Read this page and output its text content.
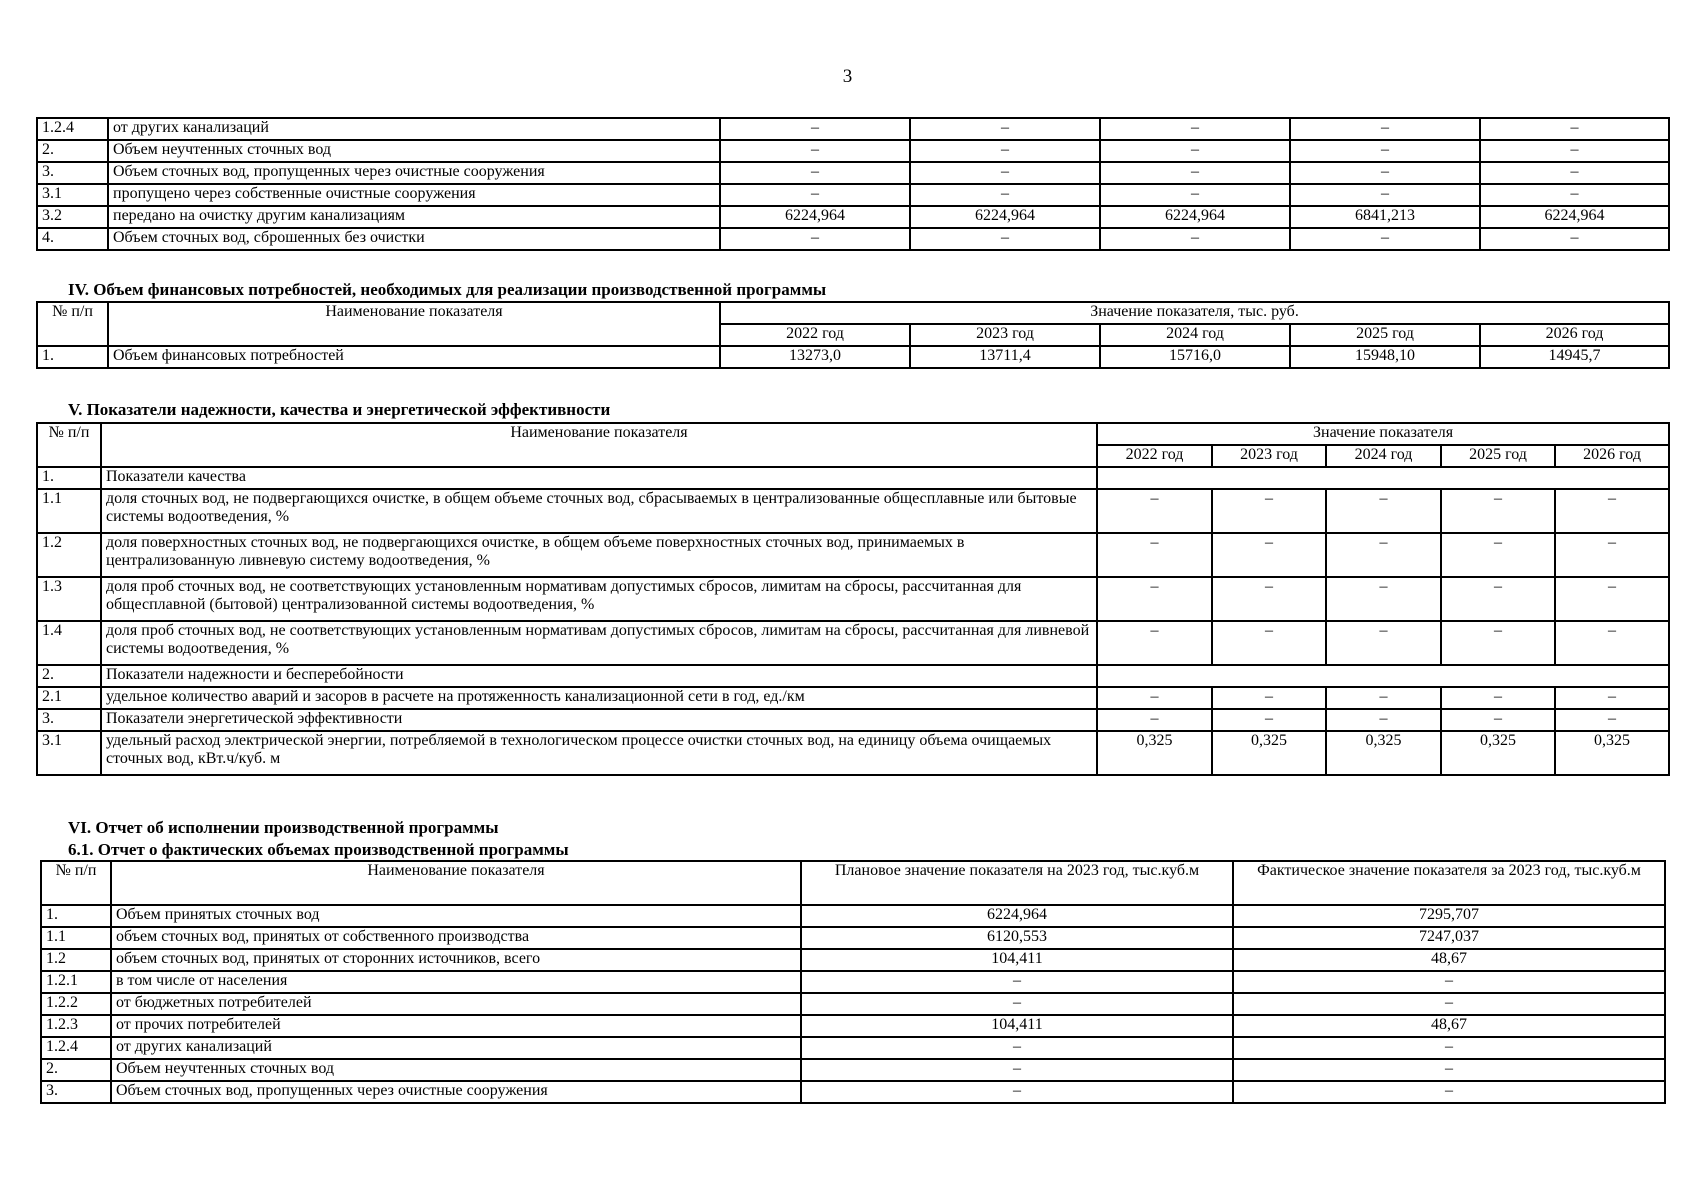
3
1.2.4	от других канализаций	–	–	–	–	–
2.	Объем неучтенных сточных вод	–	–	–	–	–
3.	Объем сточных вод, пропущенных через очистные сооружения	–	–	–	–	–
3.1	пропущено через собственные очистные сооружения	–	–	–	–	–
3.2	передано на очистку другим канализациям	6224,964	6224,964	6224,964	6841,213	6224,964
4.	Объем сточных вод, сброшенных без очистки	–	–	–	–	–
IV. Объем финансовых потребностей, необходимых для реализации производственной программы
№ п/п	Наименование показателя	Значение показателя, тыс. руб.				
		2022 год	2023 год	2024 год	2025 год	2026 год
1.	Объем финансовых потребностей	13273,0	13711,4	15716,0	15948,10	14945,7
V. Показатели надежности, качества и энергетической эффективности
№ п/п	Наименование показателя	Значение показателя				
		2022 год	2023 год	2024 год	2025 год	2026 год
1.	Показатели качества					
1.1	доля сточных вод, не подвергающихся очистке, в общем объеме сточных вод, сбрасываемых в централизованные общесплавные или бытовые системы водоотведения, %	–	–	–	–	–
1.2	доля поверхностных сточных вод, не подвергающихся очистке, в общем объеме поверхностных сточных вод, принимаемых в централизованную ливневую систему водоотведения, %	–	–	–	–	–
1.3	доля проб сточных вод, не соответствующих установленным нормативам допустимых сбросов, лимитам на сбросы, рассчитанная для общесплавной (бытовой) централизованной системы водоотведения, %	–	–	–	–	–
1.4	доля проб сточных вод, не соответствующих установленным нормативам допустимых сбросов, лимитам на сбросы, рассчитанная для ливневой системы водоотведения, %	–	–	–	–	–
2.	Показатели надежности и бесперебойности					
2.1	удельное количество аварий и засоров в расчете на протяженность канализационной сети в год, ед./км	–	–	–	–	–
3.	Показатели энергетической эффективности	–	–	–	–	–
3.1	удельный расход электрической энергии, потребляемой в технологическом процессе очистки сточных вод, на единицу объема очищаемых сточных вод, кВт.ч/куб. м	0,325	0,325	0,325	0,325	0,325
VI. Отчет об исполнении производственной программы
6.1. Отчет о фактических объемах производственной программы
№ п/п	Наименование показателя	Плановое значение показателя на 2023 год, тыс.куб.м	Фактическое значение показателя за 2023 год, тыс.куб.м
1.	Объем принятых сточных вод	6224,964	7295,707
1.1	объем сточных вод, принятых от собственного производства	6120,553	7247,037
1.2	объем сточных вод, принятых от сторонних источников, всего	104,411	48,67
1.2.1	в том числе от населения	–	–
1.2.2	от бюджетных потребителей	–	–
1.2.3	от прочих потребителей	104,411	48,67
1.2.4	от других канализаций	–	–
2.	Объем неучтенных сточных вод	–	–
3.	Объем сточных вод, пропущенных через очистные сооружения	–	–
